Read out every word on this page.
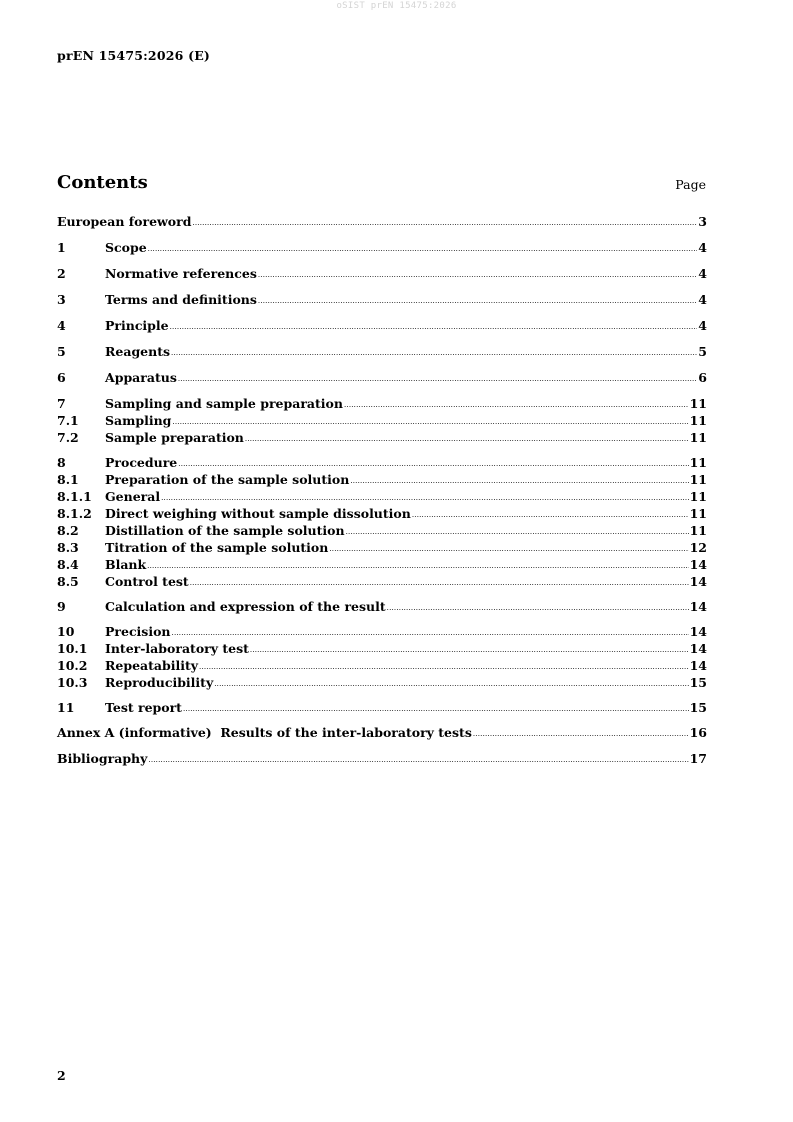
oSIST prEN 15475:2026
prEN 15475:2026 (E)
Contents	Page
European foreword .....	3
1	Scope .....	4
2	Normative references .....	4
3	Terms and definitions .....	4
4	Principle .....	4
5	Reagents .....	5
6	Apparatus .....	6
7	Sampling and sample preparation .....	11
7.1	Sampling .....	11
7.2	Sample preparation .....	11
8	Procedure .....	11
8.1	Preparation of the sample solution .....	11
8.1.1	General .....	11
8.1.2	Direct weighing without sample dissolution .....	11
8.2	Distillation of the sample solution .....	11
8.3	Titration of the sample solution .....	12
8.4	Blank .....	14
8.5	Control test .....	14
9	Calculation and expression of the result .....	14
10	Precision .....	14
10.1	Inter-laboratory test .....	14
10.2	Repeatability .....	14
10.3	Reproducibility .....	15
11	Test report .....	15
Annex A (informative)  Results of the inter-laboratory tests .....	16
Bibliography .....	17
2
